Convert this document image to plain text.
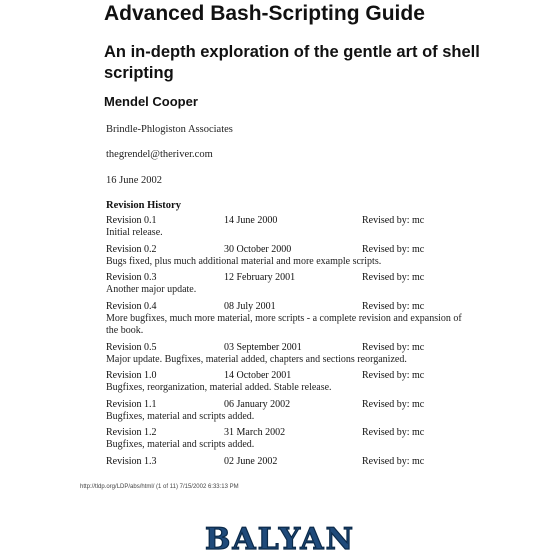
Advanced Bash-Scripting Guide
An in-depth exploration of the gentle art of shell scripting
Mendel Cooper
Brindle-Phlogiston Associates
thegrendel@theriver.com
16 June 2002
Revision History
Revision 0.1	14 June 2000	Revised by: mc
Initial release.
Revision 0.2	30 October 2000	Revised by: mc
Bugs fixed, plus much additional material and more example scripts.
Revision 0.3	12 February 2001	Revised by: mc
Another major update.
Revision 0.4	08 July 2001	Revised by: mc
More bugfixes, much more material, more scripts - a complete revision and expansion of the book.
Revision 0.5	03 September 2001	Revised by: mc
Major update. Bugfixes, material added, chapters and sections reorganized.
Revision 1.0	14 October 2001	Revised by: mc
Bugfixes, reorganization, material added. Stable release.
Revision 1.1	06 January 2002	Revised by: mc
Bugfixes, material and scripts added.
Revision 1.2	31 March 2002	Revised by: mc
Bugfixes, material and scripts added.
Revision 1.3	02 June 2002	Revised by: mc
http://tldp.org/LDP/abs/html/ (1 of 11) 7/15/2002 6:33:13 PM
BALYAN
